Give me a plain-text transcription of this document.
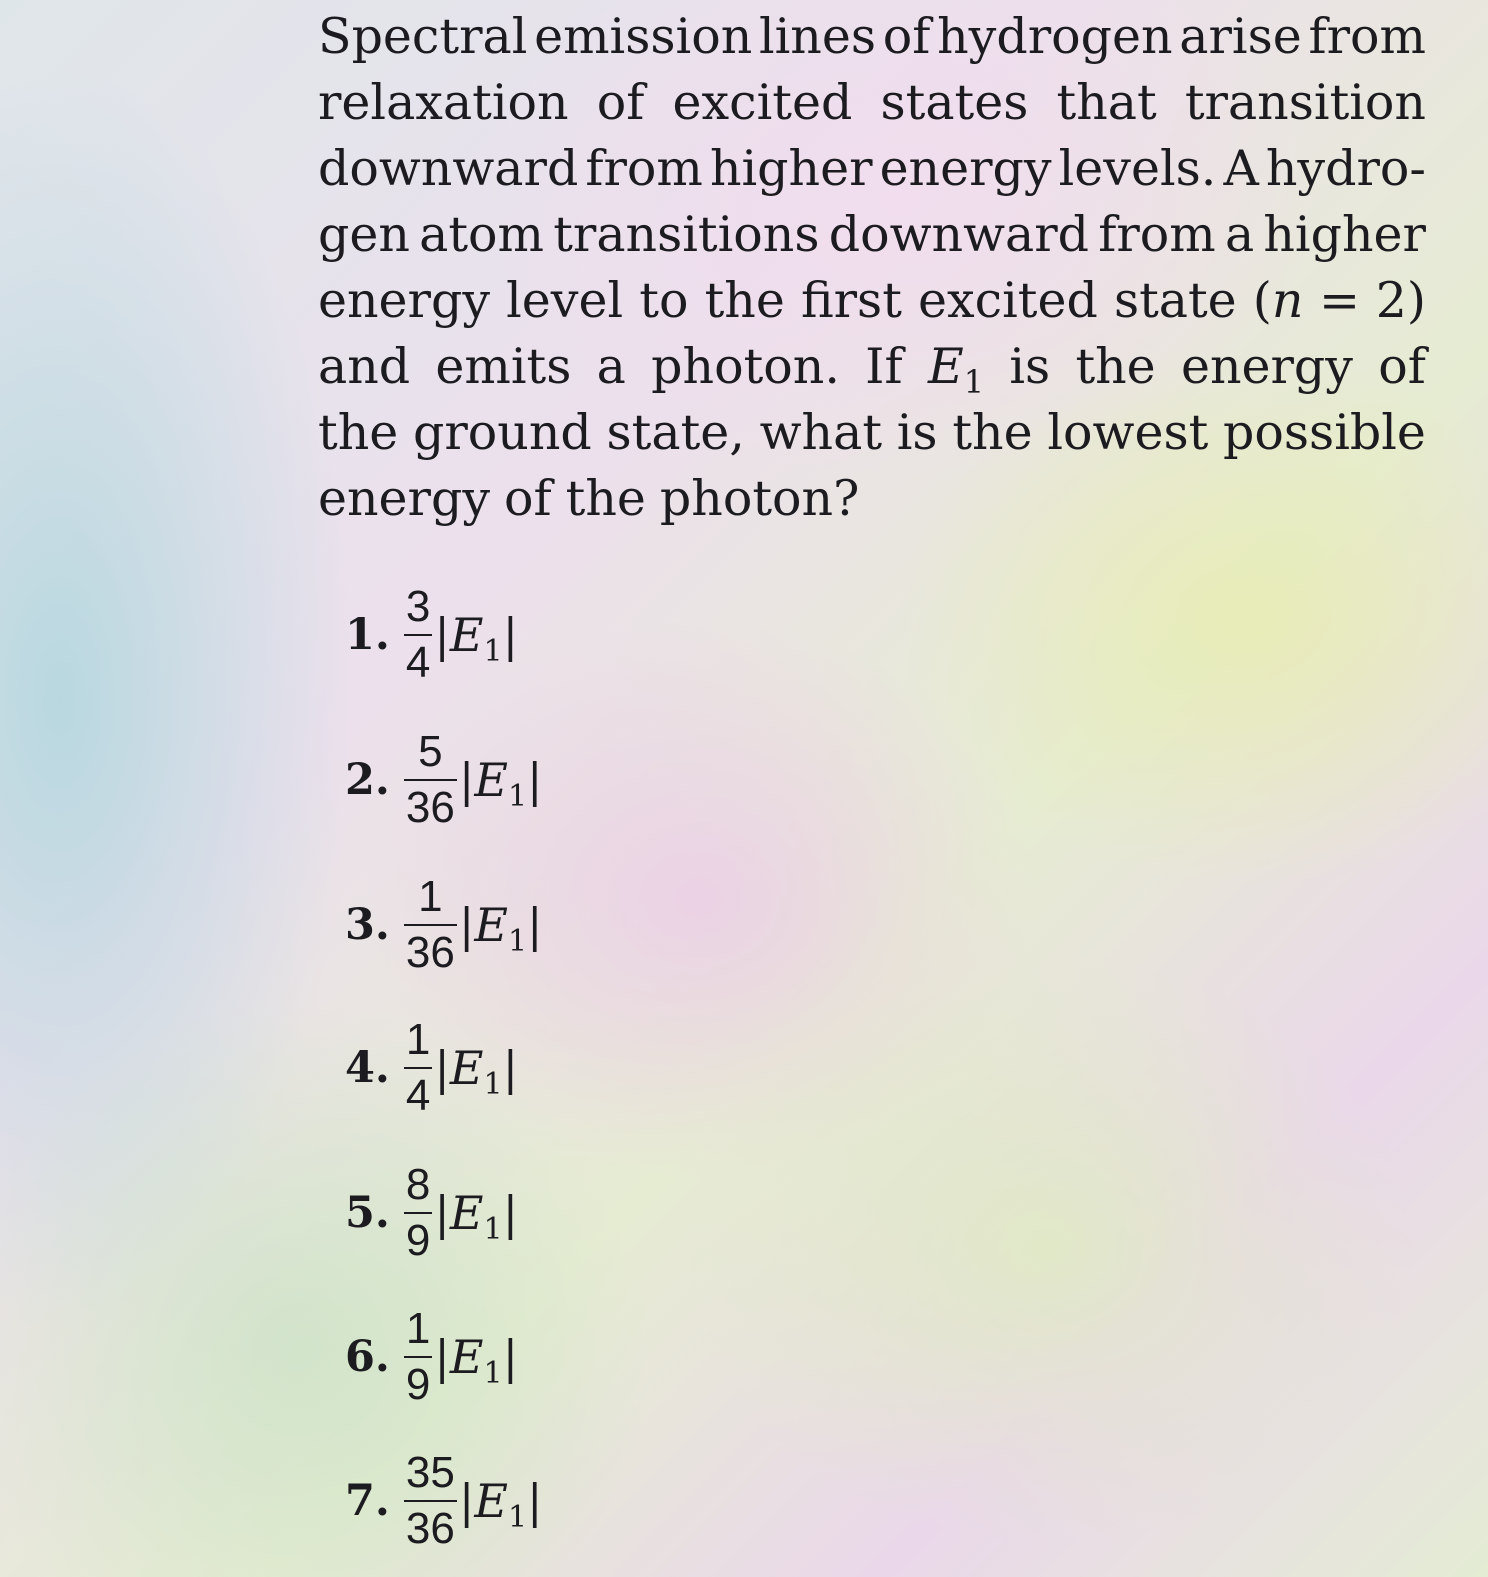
Spectral emission lines of hydrogen arise from
relaxation of excited states that transition
downward from higher energy levels. A hydro-
gen atom transitions downward from a higher
energy level to the first excited state (n = 2)
and emits a photon. If E1 is the energy of
the ground state, what is the lowest possible
energy of the photon?
1. $\frac{3}{4} |E_1|$
2. $\frac{5}{36} |E_1|$
3. $\frac{1}{36} |E_1|$
4. $\frac{1}{4} |E_1|$
5. $\frac{8}{9} |E_1|$
6. $\frac{1}{9} |E_1|$
7. $\frac{35}{36} |E_1|$
